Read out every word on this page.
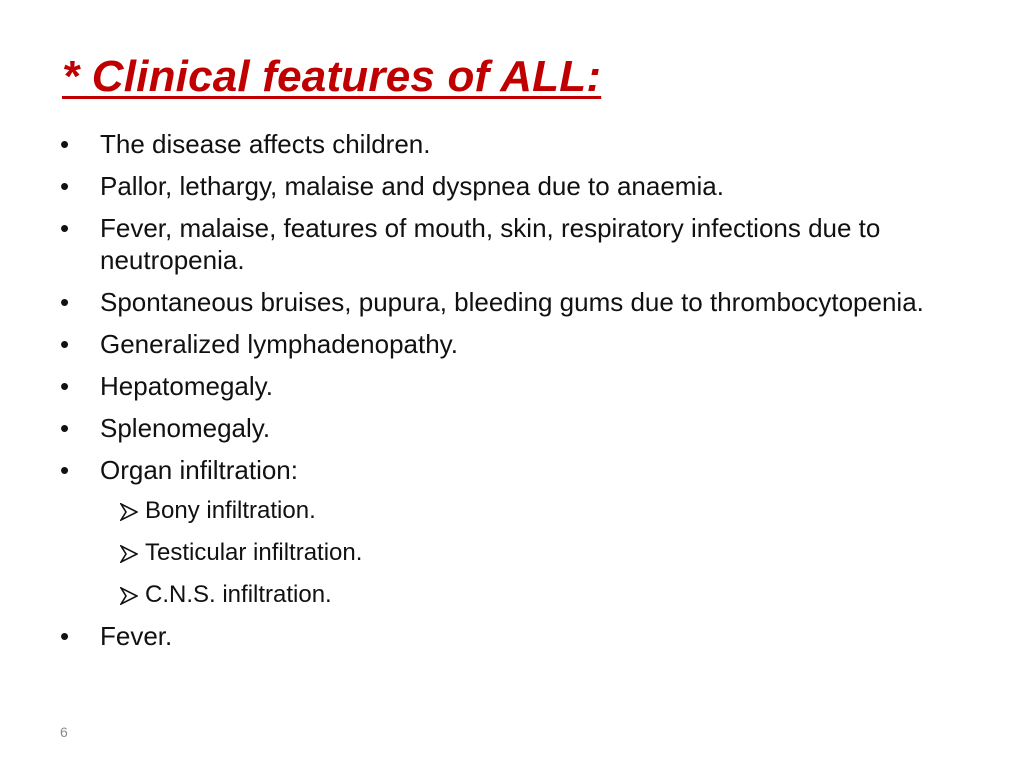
* Clinical features of ALL:
• The disease affects children.
• Pallor, lethargy, malaise and dyspnea due to anaemia.
• Fever, malaise, features of mouth, skin, respiratory infections due to neutropenia.
• Spontaneous bruises, pupura, bleeding gums due to thrombocytopenia.
• Generalized lymphadenopathy.
• Hepatomegaly.
• Splenomegaly.
• Organ infiltration:
Bony infiltration.
Testicular infiltration.
C.N.S. infiltration.
• Fever.
6
